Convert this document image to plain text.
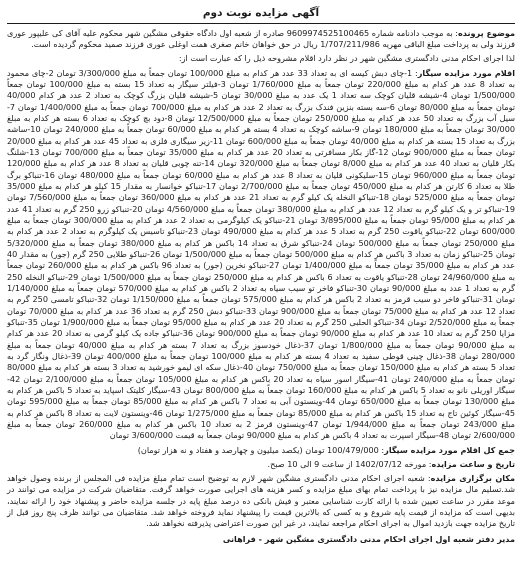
آگهی مزایده نوبت دوم

موضوع پرونده: به موجب دادنامه شماره 9609974525100465 صادره از شعبه اول دادگاه حقوقی مشگین شهر محکوم علیه آقای کی علیپور عوری فرزند ولی به پرداخت مبلغ الباقی مهریه 1/707/211/986 ریال در حق خواهان خانم صغری همت اوغلی عوری فرزند صمید محکوم گردیده است.

لذا اجرای احکام مدنی دادگستری مشگین شهر در نظر دارد اقلام مشروحه ذیل را که عبارت است از:

اقلام مورد مزایده سیگار: 1-چای دبش کیسه ای به تعداد 33 عدد هر کدام به مبلغ 100/000 تومان جمعاً به مبلغ 3/300/000 تومان 2-چای محمود به تعداد 8 عدد هر کدام به مبلغ 220/000 تومان جمعاً به مبلغ 1/760/000 تومان 3-فیلتر سیگار به تعداد 15 بسته به مبلغ 100/000 تومان جمعاً 1/500/000 تومان 4-شیشه قلیان کوچک سه تعداد 1 یک عدد به مبلغ 30/000 تومان 5-شیشه قلیان بزرگ کوچک به تعداد 2 عدد هر کدام 40/000 تومان جمعاً به مبلغ 80/000 تومان 6-سه بسته بنزین فندک بزرگ به تعداد 2 عدد هر کدام به مبلغ 700/000 تومان جمعاً به مبلغ 1/400/000 تومان 7-سیل آب بزرگ به تعداد 50 عدد هر کدام به مبلغ 250/000 تومان جمعاً به مبلغ 12/500/000 تومان 8-دود بچ کوچک به تعداد 6 بسته هر کدام به مبلغ 30/000 تومان جمعاً به مبلغ 180/000 تومان 9-ساشه کوچک به تعداد 4 بسته هر کدام به مبلغ 60/000 تومان جمعاً به مبلغ 240/000 تومان 10-ساشه بزرگ به تعداد 15 بسته هر کدام به مبلغ 40/000 تومان جمعاً به مبلغ 600/000 تومان 11-زیر سیگاری فلزی به تعداد 45 عدد هر کدام به مبلغ 20/000 تومان جمعاً به مبلغ 900/000 تومان 12-گاز بکار مسافرتی به تعداد 20 عدد هر کدام به مبلغ 35/000 تومان جمعاً به مبلغ 700/000 تومان 13-شلنگ بکار قلیان به تعداد 40 عدد هر کدام به مبلغ 8/000 تومان جمعاً به مبلغ 320/000 تومان 14-تنه چوبی قلیان به تعداد 8 عدد هر کدام به مبلغ 120/000 تومان جمعاً به مبلغ 960/000 تومان 15-سلیکونی قلیان به تعداد 8 عدد هر کدام به مبلغ 60/000 تومان جمعاً به مبلغ 480/000 تومان 16-تنباکو برگ طلا به تعداد 6 کارتن هر کدام به مبلغ 450/000 تومان جمعاً به مبلغ 2/700/000 تومان 17-تنباکو خوانسار به مقدار 15 کیلو هر کدام به مبلغ 35/000 تومان جمعاً به مبلغ 525/000 تومان 18-تنباکو النخله یک کیلو گرم به تعداد 21 عدد هر کدام به مبلغ 360/000 تومان جمعاً به مبلغ 7/560/000 تومان 19-تنباکو تر و یک کیلو گرم به تعداد 12 عدد هر کدام به مبلغ 380/000 تومان جمعاً به مبلغ 4/560/000 تومان 20-تنباکو زرو 250 گرم به تعداد 41 عدد هر کدام به مبلغ 95/000 تومان جمعاً به مبلغ 3/895/000 تومان 21-تنباکو یک کیلوگرمی به تعداد 2 عدد هر کدام به مبلغ 300/000 تومان جمعاً به مبلغ 600/000 تومان 22-تنباکو یاقوت 250 گرم به تعداد 5 عدد هر کدام به مبلغ 490/000 تومان 23-تنباکو تاسیس یک کیلوگرم به تعداد 2 عدد هر کدام به مبلغ 250/000 تومان جمعاً به مبلغ 500/000 تومان 24-تنباکو شرق به تعداد 14 باکس هر کدام به مبلغ 380/000 تومان جمعاً به مبلغ 5/320/000 تومان 25-تنباکو زمان به تعداد 3 باکس هر کدام به مبلغ 500/000 تومان جمعاً به مبلغ 1/500/000 تومان 26-تنباکو طلایی 250 گرم (جور) به مقدار 40 عدد هر کدام به مبلغ 35/000 تومان جمعاً به مبلغ 1/400/000 تومان 27-تنباکو نخرین (جور) به تعداد 96 باکس هر کدام به مبلغ 260/000 تومان جمعاً به مبلغ 24/960/000 تومان 28-تنباکو یاقوت به تعداد 6 باکس هر کدام به مبلغ 250/000 تومان جمعاً به مبلغ 1/500/000 تومان 29-تنباکو النخله 250 گرم به تعداد 1 عدد به مبلغ 90/000 تومان 30-تنباکو فاخر تو سیب سیاه به تعداد 2 باکس هر کدام به مبلغ 570/000 تومان جمعاً به مبلغ 1/140/000 تومان 31-تنباکو فاخر دو سیب قرمز به تعداد 2 باکس هر کدام به مبلغ 575/000 تومان جمعاً به مبلغ 1/150/000 تومان 32-تنباکو تامسی 250 گرم به تعداد 12 عدد هر کدام به مبلغ 75/000 تومان جمعاً به مبلغ 900/000 تومان 33-تنباکو دبش 250 گرم به تعداد 36 عدد هر کدام به مبلغ 70/000 تومان جمعاً به مبلغ 2/520/000 تومان 34-تنباکو الحلبی 250 گرم به تعداد 20 عدد هر کدام به مبلغ 95/000 تومان جمعاً به مبلغ 1/900/000 تومان 35-تنباکو مزایا 250 گرم به تعداد 10 عدد هر کدام به مبلغ 90/000 تومان جمعاً به مبلغ 900/000 تومان 36-تنباکو جاده یک کیلو گرمی به تعداد 20 عدد هر کدام به مبلغ 90/000 تومان جمعاً به مبلغ 1/800/000 تومان 37-ذغال خودسوز بزرگ به تعداد 7 بسته هر کدام به مبلغ 40/000 تومان جمعاً به مبلغ 280/000 تومان 38-ذغال چینی قوطی سفید به تعداد 4 بسته هر کدام به مبلغ 100/000 تومان جمعاً به مبلغ 400/000 تومان 39-ذغال ونگار گرد به تعداد 5 بسته هر کدام به مبلغ 150/000 تومان جمعاً به مبلغ 750/000 تومان 40-ذغال سکه ای لیمو خورشید به تعداد 3 بسته هر کدام به مبلغ 80/000 تومان جمعاً به مبلغ 240/000 تومان 41-سیگار اسور سیاه به تعداد 20 باکس هر کدام به مبلغ 105/000 تومان جمعاً به مبلغ 2/100/000 تومان 42-سیگار اوریلی نانو به تعداد 5 باکس هر کدام به مبلغ 160/000 تومان جمعاً به مبلغ 800/000 تومان 43-سیگار کلیتک اسپاید به تعداد 5 باکس هر کدام به مبلغ 130/000 تومان جمعاً به مبلغ 650/000 تومان 44-وینستون آبی به تعداد 7 باکس هر کدام به مبلغ 85/000 تومان جمعاً به مبلغ 595/000 تومان 45-سیگار کوئین تاج به تعداد 15 باکس هر کدام به مبلغ 85/000 تومان جمعاً به مبلغ 1/275/000 تومان 46-وینستون لایت به تعداد 8 باکس هر کدام به مبلغ 243/000 تومان جمعاً به مبلغ 1/944/000 تومان 47-وینستون قرمز 2 به تعداد 10 باکس هر کدام به مبلغ 260/000 تومان جمعاً به مبلغ 2/600/000 تومان 48-سیگار اسپرت به تعداد 4 باکس هر کدام به مبلغ 90/000 تومان جمعاً به قیمت 3/600/000 تومان

جمع کل اقلام مورد مزایده سیگار: 100/479/000 تومان (یکصد میلیون و چهارصد و هفتاد و نه هزار تومان)

تاریخ و ساعت مزایده: مورخه 1402/07/12 از ساعت 9 الی 10 صبح.

مکان برگزاری مزایده: شعبه اجرای احکام مدنی دادگستری مشگین شهر لازم به توضیح است تمام مبلغ مزایده فی المجلس از برنده وصول خواهد شد.تسلیم مال مزایده نیز با پرداخت تمام بهای مبلغ مزایده و کسر هزینه های اجرایی صورت خواهد گرفت. متقاضیان شرکت در مزایده می توانند در موعد مقرر در ساعت تعیین شده با ارائه کارت شناسایی معتبر و فیش بانکی ده درصد مبلغ پایه در جلسه مزایده حاضر و پیشنهاد خود را ارائه نمایند، بدیهی است که مزایده از قیمت پایه شروع و به کسی که بالاترین قیمت را پیشنهاد نماید فروخته خواهد شد. متقاضیان می توانند ظرف پنج روز قبل از تاریخ مزایده جهت بازدید اموال به اجرای احکام مراجعه نمایند، در غیر این صورت اعتراضی پذیرفته نخواهد شد.

مدیر دفتر شعبه اول اجرای احکام مدنی دادگستری مشگین شهر - فراهانی
